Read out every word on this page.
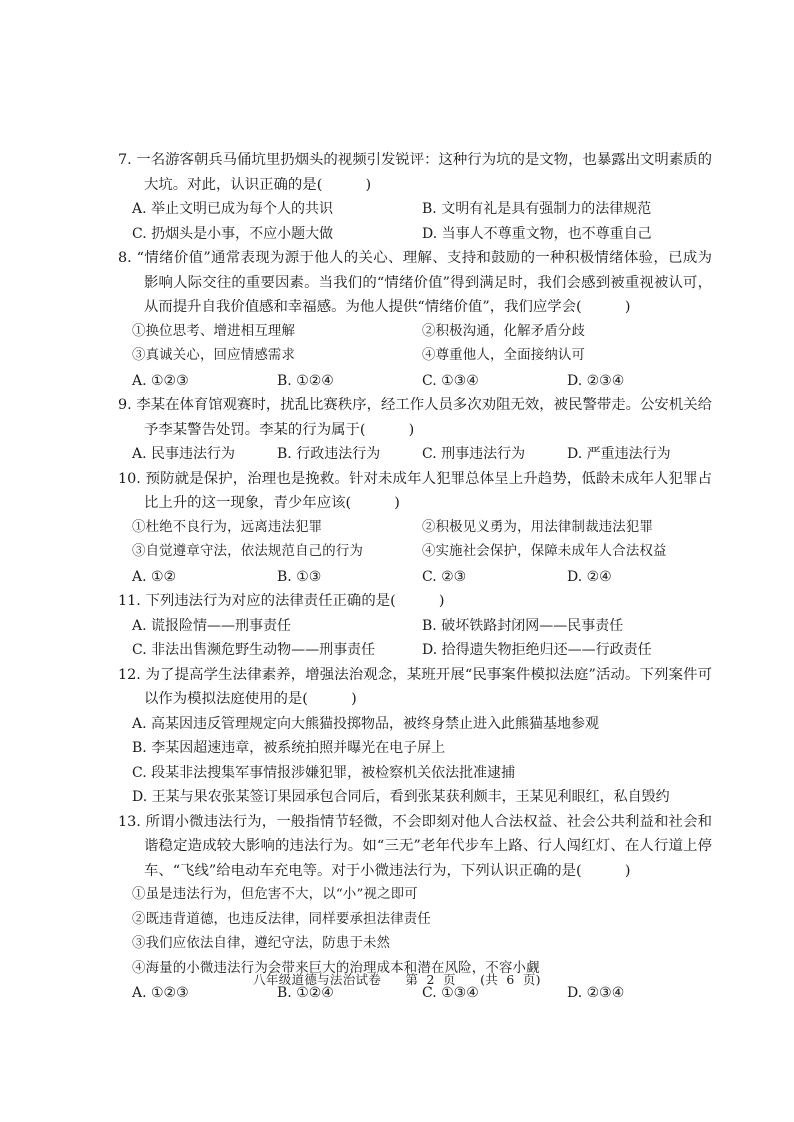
7. 一名游客朝兵马俑坑里扔烟头的视频引发锐评：这种行为坑的是文物，也暴露出文明素质的大坑。对此，认识正确的是(　　　)
A. 举止文明已成为每个人的共识	B. 文明有礼是具有强制力的法律规范
C. 扔烟头是小事，不应小题大做	D. 当事人不尊重文物，也不尊重自己
8. “情绪价值”通常表现为源于他人的关心、理解、支持和鼓励的一种积极情绪体验，已成为影响人际交往的重要因素。当我们的“情绪价值”得到满足时，我们会感到被重视被认可，从而提升自我价值感和幸福感。为他人提供“情绪价值”，我们应学会(　　　)
①换位思考、增进相互理解	②积极沟通，化解矛盾分歧
③真诚关心，回应情感需求	④尊重他人，全面接纳认可
A. ①②③	B. ①②④	C. ①③④	D. ②③④
9. 李某在体育馆观赛时，扰乱比赛秩序，经工作人员多次劝阻无效，被民警带走。公安机关给予李某警告处罚。李某的行为属于(　　　)
A. 民事违法行为	B. 行政违法行为	C. 刑事违法行为	D. 严重违法行为
10. 预防就是保护，治理也是挽救。针对未成年人犯罪总体呈上升趋势，低龄未成年人犯罪占比上升的这一现象，青少年应该(　　　)
①杜绝不良行为，远离违法犯罪	②积极见义勇为，用法律制裁违法犯罪
③自觉遵章守法，依法规范自己的行为	④实施社会保护，保障未成年人合法权益
A. ①②	B. ①③	C. ②③	D. ②④
11. 下列违法行为对应的法律责任正确的是(　　　)
A. 谎报险情——刑事责任	B. 破坏铁路封闭网——民事责任
C. 非法出售濒危野生动物——刑事责任	D. 拾得遗失物拒绝归还——行政责任
12. 为了提高学生法律素养，增强法治观念，某班开展“民事案件模拟法庭”活动。下列案件可以作为模拟法庭使用的是(　　　)
A. 高某因违反管理规定向大熊猫投掷物品，被终身禁止进入此熊猫基地参观
B. 李某因超速违章，被系统拍照并曝光在电子屏上
C. 段某非法搜集军事情报涉嫌犯罪，被检察机关依法批准逮捕
D. 王某与果农张某签订果园承包合同后，看到张某获利颇丰，王某见利眼红，私自毁约
13. 所谓小微违法行为，一般指情节轻微，不会即刻对他人合法权益、社会公共利益和社会和谐稳定造成较大影响的违法行为。如“三无”老年代步车上路、行人闯红灯、在人行道上停车、“飞线”给电动车充电等。对于小微违法行为，下列认识正确的是(　　　)
①虽是违法行为，但危害不大，以“小”视之即可
②既违背道德，也违反法律，同样要承担法律责任
③我们应依法自律，遵纪守法，防患于未然
④海量的小微违法行为会带来巨大的治理成本和潜在风险，不容小觑
A. ①②③	B. ①②④	C. ①③④	D. ②③④
八年级道德与法治试卷 第 2 页 (共 6 页)
